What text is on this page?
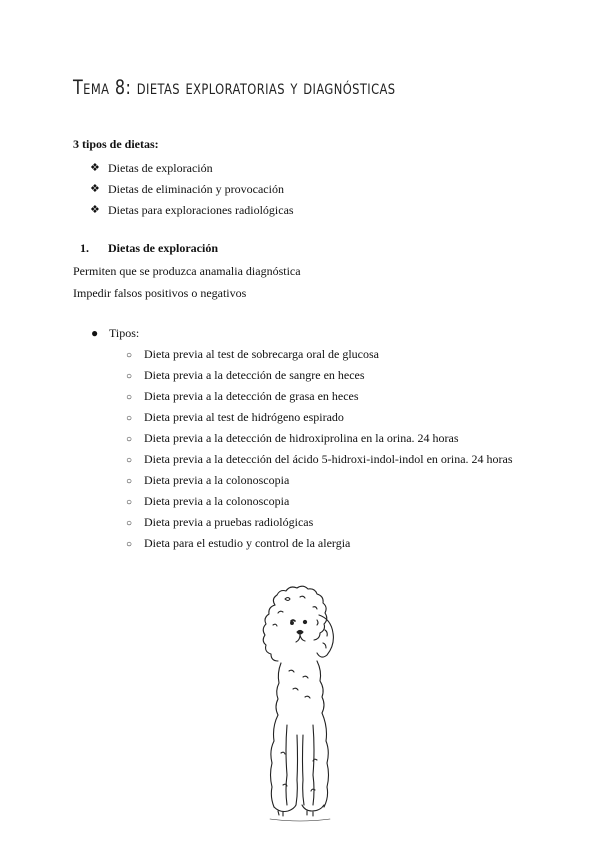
Tema 8: dietas exploratorias y diagnósticas
3 tipos de dietas:
❖ Dietas de exploración
❖ Dietas de eliminación y provocación
❖ Dietas para exploraciones radiológicas
1. Dietas de exploración
Permiten que se produzca anamalia diagnóstica
Impedir falsos positivos o negativos
● Tipos:
○ Dieta previa al test de sobrecarga oral de glucosa
○ Dieta previa a la detección de sangre en heces
○ Dieta previa a la detección de grasa en heces
○ Dieta previa al test de hidrógeno espirado
○ Dieta previa a la detección de hidroxiprolina en la orina. 24 horas
○ Dieta previa a la detección del ácido 5-hidroxi-indol-indol en orina. 24 horas
○ Dieta previa a la colonoscopia
○ Dieta previa a la colonoscopia
○ Dieta previa a pruebas radiológicas
○ Dieta para el estudio y control de la alergia
